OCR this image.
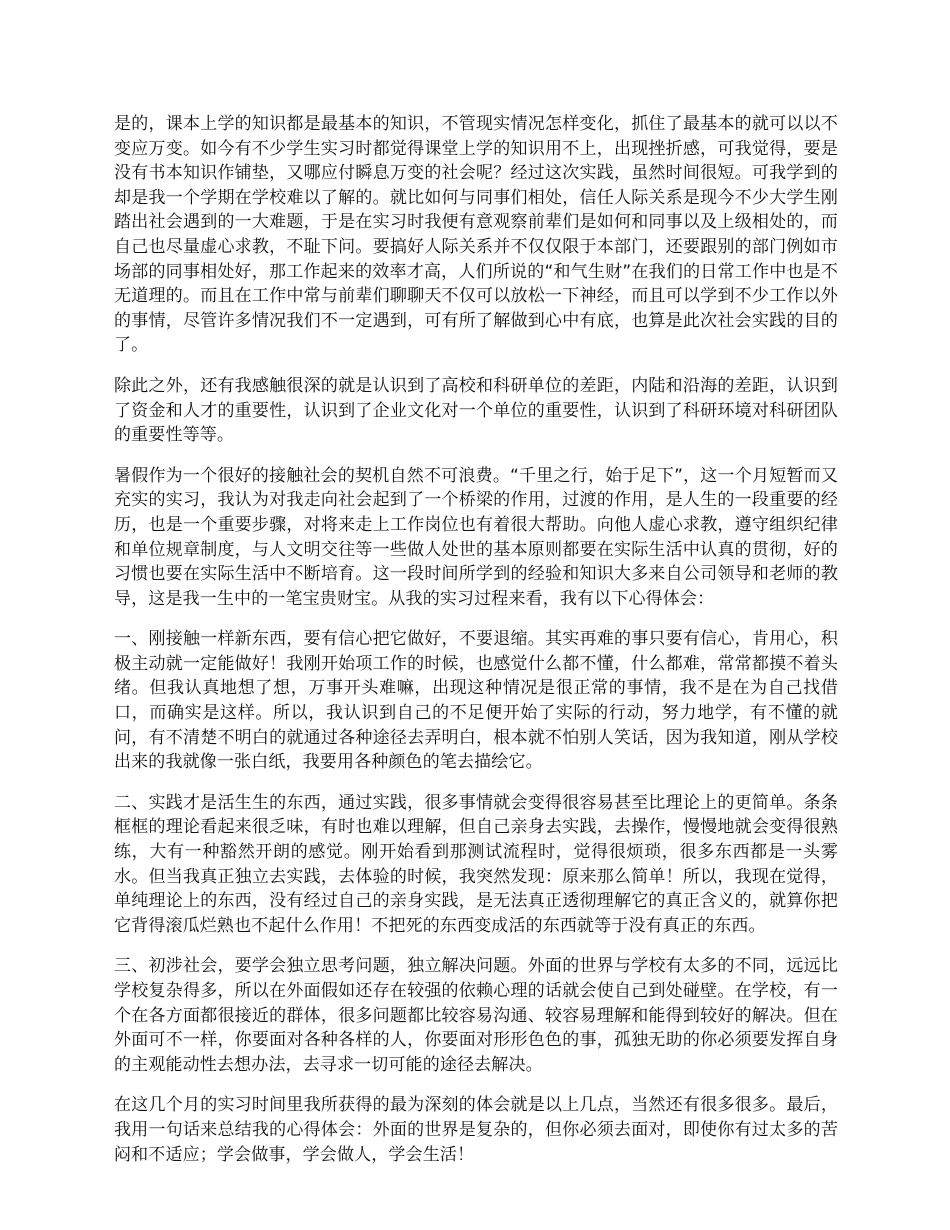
是的，课本上学的知识都是最基本的知识，不管现实情况怎样变化，抓住了最基本的就可以以不变应万变。如今有不少学生实习时都觉得课堂上学的知识用不上，出现挫折感，可我觉得，要是没有书本知识作铺垫，又哪应付瞬息万变的社会呢？经过这次实践，虽然时间很短。可我学到的却是我一个学期在学校难以了解的。就比如何与同事们相处，信任人际关系是现今不少大学生刚踏出社会遇到的一大难题，于是在实习时我便有意观察前辈们是如何和同事以及上级相处的，而自己也尽量虚心求教，不耻下问。要搞好人际关系并不仅仅限于本部门，还要跟别的部门例如市场部的同事相处好，那工作起来的效率才高，人们所说的“和气生财”在我们的日常工作中也是不无道理的。而且在工作中常与前辈们聊聊天不仅可以放松一下神经，而且可以学到不少工作以外的事情，尽管许多情况我们不一定遇到，可有所了解做到心中有底，也算是此次社会实践的目的了。

除此之外，还有我感触很深的就是认识到了高校和科研单位的差距，内陆和沿海的差距，认识到了资金和人才的重要性，认识到了企业文化对一个单位的重要性，认识到了科研环境对科研团队的重要性等等。

暑假作为一个很好的接触社会的契机自然不可浪费。“千里之行，始于足下”，这一个月短暂而又充实的实习，我认为对我走向社会起到了一个桥梁的作用，过渡的作用，是人生的一段重要的经历，也是一个重要步骤，对将来走上工作岗位也有着很大帮助。向他人虚心求教，遵守组织纪律和单位规章制度，与人文明交往等一些做人处世的基本原则都要在实际生活中认真的贯彻，好的习惯也要在实际生活中不断培育。这一段时间所学到的经验和知识大多来自公司领导和老师的教导，这是我一生中的一笔宝贵财宝。从我的实习过程来看，我有以下心得体会：

一、刚接触一样新东西，要有信心把它做好，不要退缩。其实再难的事只要有信心，肯用心，积极主动就一定能做好！我刚开始项工作的时候，也感觉什么都不懂，什么都难，常常都摸不着头绪。但我认真地想了想，万事开头难嘛，出现这种情况是很正常的事情，我不是在为自己找借口，而确实是这样。所以，我认识到自己的不足便开始了实际的行动，努力地学，有不懂的就问，有不清楚不明白的就通过各种途径去弄明白，根本就不怕别人笑话，因为我知道，刚从学校出来的我就像一张白纸，我要用各种颜色的笔去描绘它。

二、实践才是活生生的东西，通过实践，很多事情就会变得很容易甚至比理论上的更简单。条条框框的理论看起来很乏味，有时也难以理解，但自己亲身去实践，去操作，慢慢地就会变得很熟练，大有一种豁然开朗的感觉。刚开始看到那测试流程时，觉得很烦琐，很多东西都是一头雾水。但当我真正独立去实践，去体验的时候，我突然发现：原来那么简单！所以，我现在觉得，单纯理论上的东西，没有经过自己的亲身实践，是无法真正透彻理解它的真正含义的，就算你把它背得滚瓜烂熟也不起什么作用！不把死的东西变成活的东西就等于没有真正的东西。

三、初涉社会，要学会独立思考问题，独立解决问题。外面的世界与学校有太多的不同，远远比学校复杂得多，所以在外面假如还存在较强的依赖心理的话就会使自己到处碰壁。在学校，有一个在各方面都很接近的群体，很多问题都比较容易沟通、较容易理解和能得到较好的解决。但在外面可不一样，你要面对各种各样的人，你要面对形形色色的事，孤独无助的你必须要发挥自身的主观能动性去想办法，去寻求一切可能的途径去解决。

在这几个月的实习时间里我所获得的最为深刻的体会就是以上几点，当然还有很多很多。最后，我用一句话来总结我的心得体会：外面的世界是复杂的，但你必须去面对，即使你有过太多的苦闷和不适应；学会做事，学会做人，学会生活！
